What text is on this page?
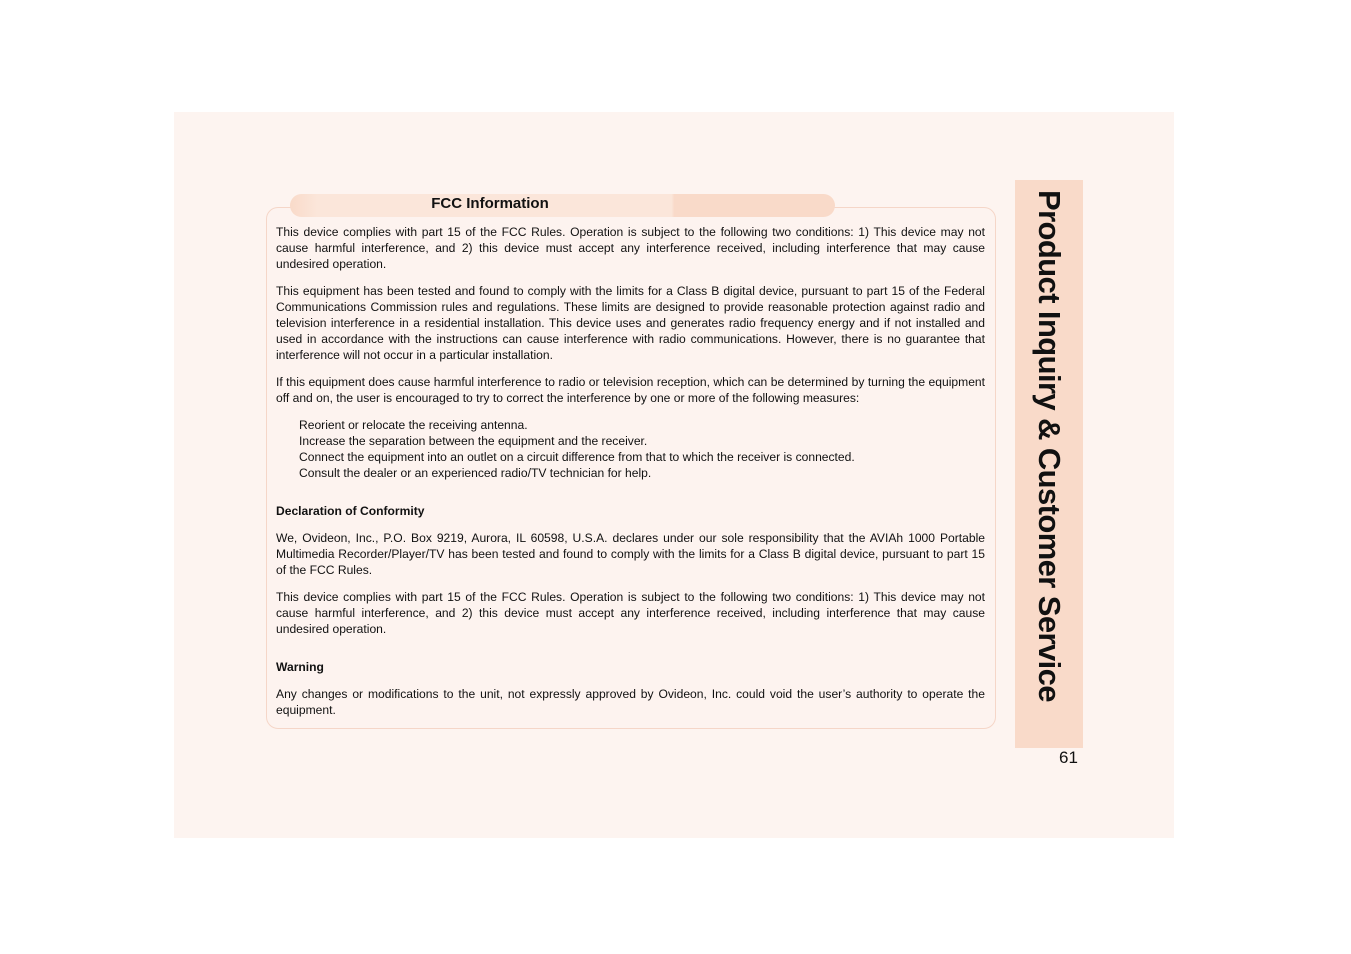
FCC Information

This device complies with part 15 of the FCC Rules. Operation is subject to the following two conditions: 1) This device may not cause harmful interference, and 2) this device must accept any interference received, including interference that may cause undesired operation.

This equipment has been tested and found to comply with the limits for a Class B digital device, pursuant to part 15 of the Federal Communications Commission rules and regulations. These limits are designed to provide reasonable protection against radio and television interference in a residential installation. This device uses and generates radio frequency energy and if not installed and used in accordance with the instructions can cause interference with radio communications. However, there is no guarantee that interference will not occur in a particular installation.

If this equipment does cause harmful interference to radio or television reception, which can be determined by turning the equipment off and on, the user is encouraged to try to correct the interference by one or more of the following measures:

Reorient or relocate the receiving antenna.
Increase the separation between the equipment and the receiver.
Connect the equipment into an outlet on a circuit difference from that to which the receiver is connected.
Consult the dealer or an experienced radio/TV technician for help.
Declaration of Conformity

We, Ovideon, Inc., P.O. Box 9219, Aurora, IL 60598, U.S.A. declares under our sole responsibility that the AVIAh 1000 Portable Multimedia Recorder/Player/TV has been tested and found to comply with the limits for a Class B digital device, pursuant to part 15 of the FCC Rules.

This device complies with part 15 of the FCC Rules. Operation is subject to the following two conditions: 1) This device may not cause harmful interference, and 2) this device must accept any interference received, including interference that may cause undesired operation.

Warning

Any changes or modifications to the unit, not expressly approved by Ovideon, Inc. could void the user’s authority to operate the equipment.

Product Inquiry & Customer Service
61
